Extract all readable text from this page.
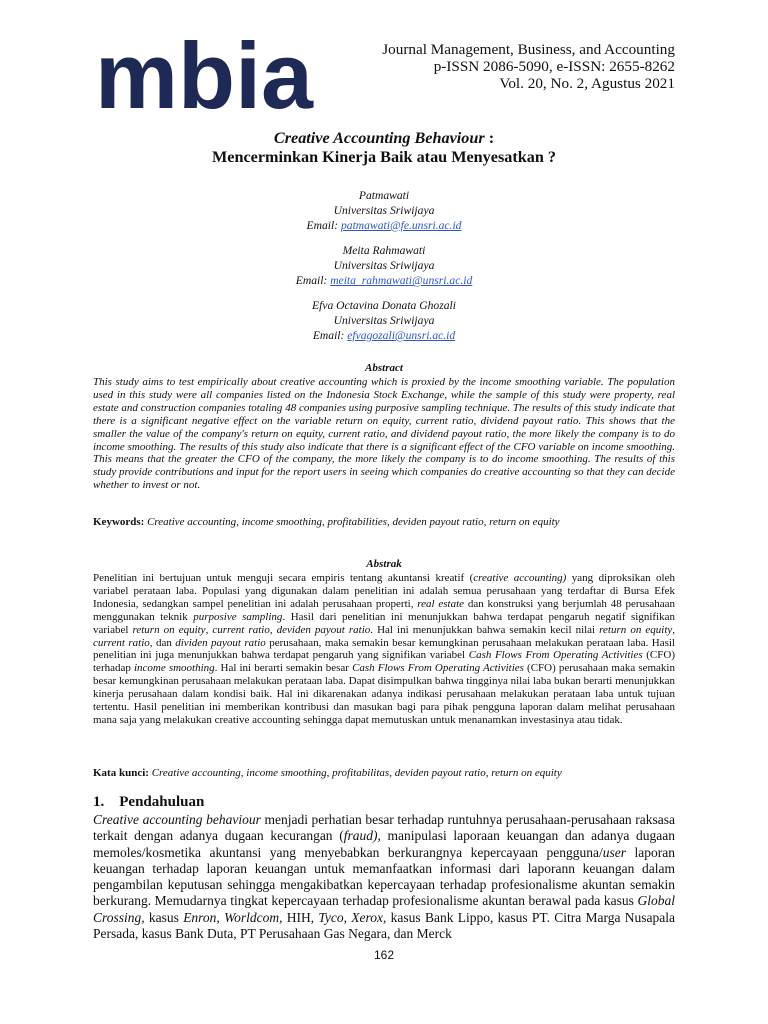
mbia	Journal Management, Business, and Accounting
p-ISSN 2086-5090, e-ISSN: 2655-8262
Vol. 20, No. 2, Agustus 2021
Creative Accounting Behaviour :
Mencerminkan Kinerja Baik atau Menyesatkan ?
Patmawati
Universitas Sriwijaya
Email: patmawati@fe.unsri.ac.id
Meita Rahmawati
Universitas Sriwijaya
Email: meita_rahmawati@unsri.ac.id
Efva Octavina Donata Ghozali
Universitas Sriwijaya
Email: efvagozali@unsri.ac.id
Abstract
This study aims to test empirically about creative accounting which is proxied by the income smoothing variable. The population used in this study were all companies listed on the Indonesia Stock Exchange, while the sample of this study were property, real estate and construction companies totaling 48 companies using purposive sampling technique. The results of this study indicate that there is a significant negative effect on the variable return on equity, current ratio, dividend payout ratio. This shows that the smaller the value of the company's return on equity, current ratio, and dividend payout ratio, the more likely the company is to do income smoothing. The results of this study also indicate that there is a significant effect of the CFO variable on income smoothing. This means that the greater the CFO of the company, the more likely the company is to do income smoothing. The results of this study provide contributions and input for the report users in seeing which companies do creative accounting so that they can decide whether to invest or not.
Keywords: Creative accounting, income smoothing, profitabilities, deviden payout ratio, return on equity
Abstrak
Penelitian ini bertujuan untuk menguji secara empiris tentang akuntansi kreatif (creative accounting) yang diproksikan oleh variabel perataan laba. Populasi yang digunakan dalam penelitian ini adalah semua perusahaan yang terdaftar di Bursa Efek Indonesia, sedangkan sampel penelitian ini adalah perusahaan properti, real estate dan konstruksi yang berjumlah 48 perusahaan menggunakan teknik purposive sampling. Hasil dari penelitian ini menunjukkan bahwa terdapat pengaruh negatif signifikan variabel return on equity, current ratio, deviden payout ratio. Hal ini menunjukkan bahwa semakin kecil nilai return on equity, current ratio, dan dividen payout ratio perusahaan, maka semakin besar kemungkinan perusahaan melakukan perataan laba. Hasil penelitian ini juga menunjukkan bahwa terdapat pengaruh yang signifikan variabel Cash Flows From Operating Activities (CFO) terhadap income smoothing. Hal ini berarti semakin besar Cash Flows From Operating Activities (CFO) perusahaan maka semakin besar kemungkinan perusahaan melakukan perataan laba. Dapat disimpulkan bahwa tingginya nilai laba bukan berarti menunjukkan kinerja perusahaan dalam kondisi baik. Hal ini dikarenakan adanya indikasi perusahaan melakukan perataan laba untuk tujuan tertentu. Hasil penelitian ini memberikan kontribusi dan masukan bagi para pihak pengguna laporan dalam melihat perusahaan mana saja yang melakukan creative accounting sehingga dapat memutuskan untuk menanamkan investasinya atau tidak.
Kata kunci: Creative accounting, income smoothing, profitabilitas, deviden payout ratio, return on equity
1.    Pendahuluan
Creative accounting behaviour menjadi perhatian besar terhadap runtuhnya perusahaan-perusahaan raksasa terkait dengan adanya dugaan kecurangan (fraud), manipulasi laporaan keuangan dan adanya dugaan memoles/kosmetika akuntansi yang menyebabkan berkurangnya kepercayaan pengguna/user laporan keuangan terhadap laporan keuangan untuk memanfaatkan informasi dari laporann keuangan dalam pengambilan keputusan sehingga mengakibatkan kepercayaan terhadap profesionalisme akuntan semakin berkurang. Memudarnya tingkat kepercayaan terhadap profesionalisme akuntan berawal pada kasus Global Crossing, kasus Enron, Worldcom, HIH, Tyco, Xerox, kasus Bank Lippo, kasus PT. Citra Marga Nusapala Persada, kasus Bank Duta, PT Perusahaan Gas Negara, dan Merck
162
